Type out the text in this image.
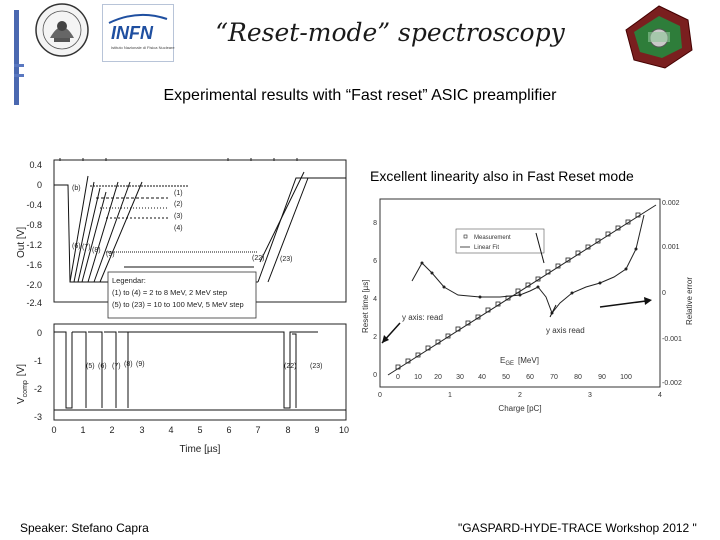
INFN
Istituto Nazionale di Fisica Nucleare
“Reset-mode” spectroscopy
Experimental results with “Fast reset” ASIC preamplifier
0.4
0
-0.4
-0.8
-1.2
-1.6
-2.0
-2.4
Out [V]
(b)
(6) (7) (8)
(9)
(1)
(2)
(3)
(4)
(22) (23)
Legendar:
(1) to (4) = 2 to 8 MeV, 2 MeV step
(5) to (23) = 10 to 100 MeV, 5 MeV step
0
-1
-2
-3
$V_{comp}[V]$	(5) (6) (7) (8) (9)	(22) (23)
0	1	2	3	4	5	6	7	8	9 10
Time [µs]
Excellent linearity also in Fast Reset mode
0
2
4
6
8
Reset time [µs]
0.002
0.001
0
-0.001
-0.002
Relative error
Measurement
Linear Fit
y axis: read
y axis read
0 10 20 30 40 50 60 70 80 90 100
$E_{GE}$ [MeV]
0	1	2	3	4
Charge [pC]
Speaker: Stefano Capra	"GASPARD-HYDE-TRACE Workshop 2012 "
